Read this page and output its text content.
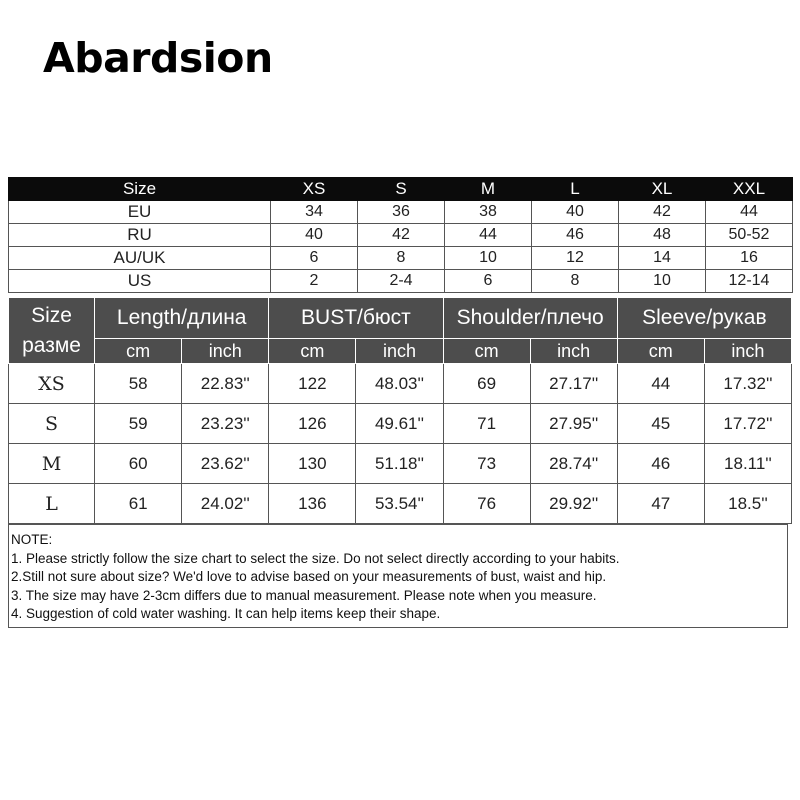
Abardsion
Size	XS	S	M	L	XL	XXL
EU	34	36	38	40	42	44
RU	40	42	44	46	48	50-52
AU/UK	6	8	10	12	14	16
US	2	2-4	6	8	10	12-14
Size
разме	Length/длина		BUST/бюст		Shoulder/плечо		Sleeve/рукав	
	cm	inch	cm	inch	cm	inch	cm	inch
XS	58	22.83''	122	48.03''	69	27.17''	44	17.32''
S	59	23.23''	126	49.61''	71	27.95''	45	17.72''
M	60	23.62''	130	51.18''	73	28.74''	46	18.11''
L	61	24.02''	136	53.54''	76	29.92''	47	18.5''
NOTE:
1. Please strictly follow the size chart to select the size. Do not select directly according to your habits.
2.Still not sure about size? We'd love to advise based on your measurements of bust, waist and hip.
3. The size may have 2-3cm differs due to manual measurement. Please note when you measure.
4. Suggestion of cold water washing. It can help items keep their shape.
